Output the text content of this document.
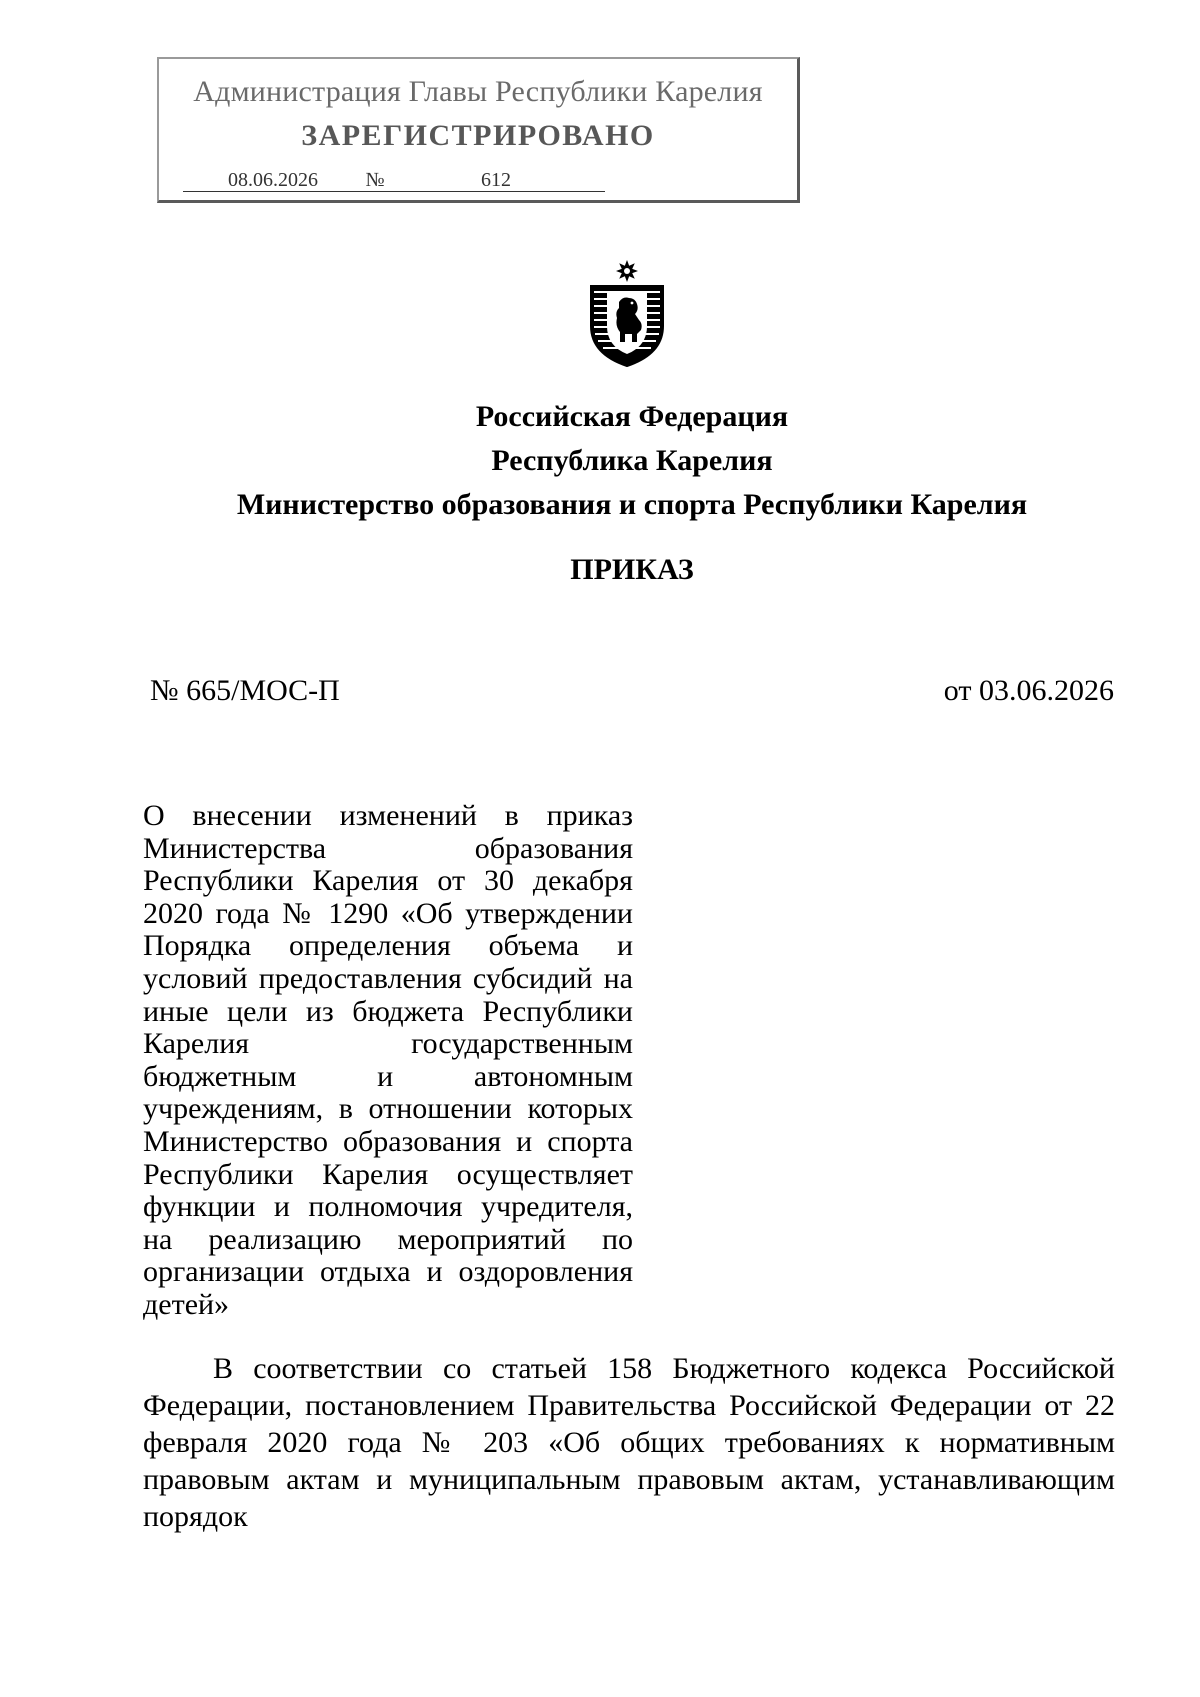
Администрация Главы Республики Карелия
ЗАРЕГИСТРИРОВАНО
08.06.2026	№	612
Российская Федерация
Республика Карелия
Министерство образования и спорта Республики Карелия
ПРИКАЗ
№ 665/МОС-П	от 03.06.2026

О внесении изменений в приказ Министерства образования Республики Карелия от 30 декабря 2020 года № 1290 «Об утверждении Порядка определения объема и условий предоставления субсидий на иные цели из бюджета Республики Карелия государственным бюджетным и автономным учреждениям, в отношении которых Министерство образования и спорта Республики Карелия осуществляет функции и полномочия учредителя, на реализацию мероприятий по организации отдыха и оздоровления детей»

В соответствии со статьей 158 Бюджетного кодекса Российской Федерации, постановлением Правительства Российской Федерации от 22 февраля 2020 года № 203 «Об общих требованиях к нормативным правовым актам и муниципальным правовым актам, устанавливающим порядок
